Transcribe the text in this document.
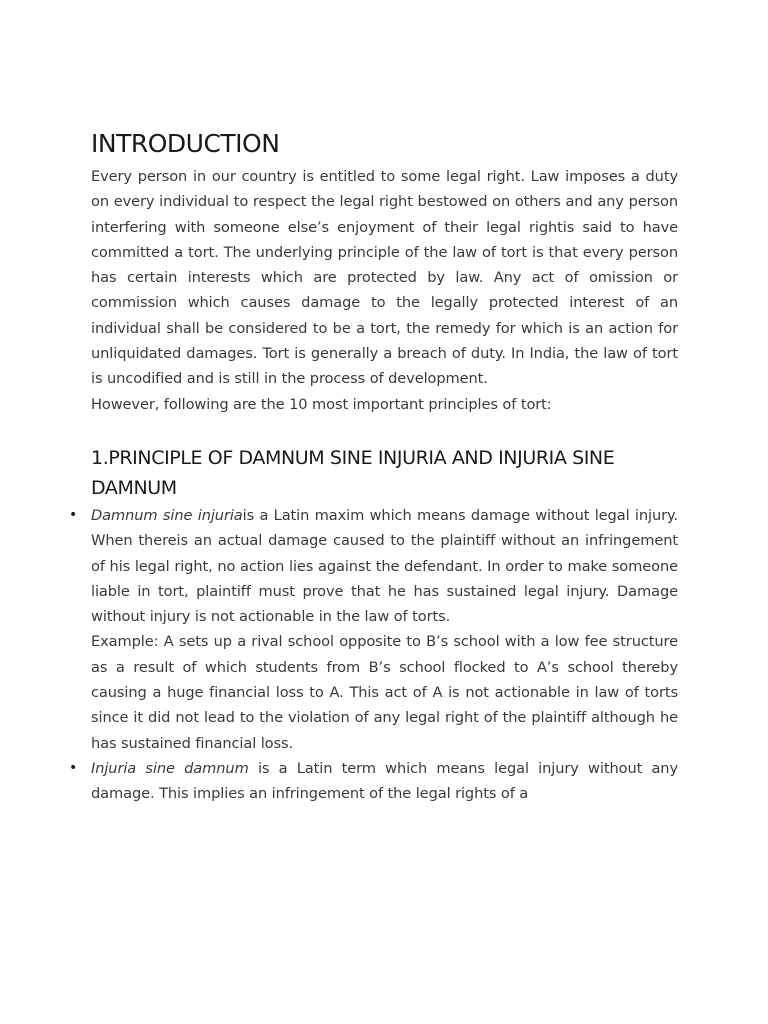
INTRODUCTION

Every person in our country is entitled to some legal right. Law imposes a duty on every individual to respect the legal right bestowed on others and any person interfering with someone else’s enjoyment of their legal rightis said to have committed a tort. The underlying principle of the law of tort is that every person has certain interests which are protected by law. Any act of omission or commission which causes damage to the legally protected interest of an individual shall be considered to be a tort, the remedy for which is an action for unliquidated damages. Tort is generally a breach of duty. In India, the law of tort is uncodified and is still in the process of development.

However, following are the 10 most important principles of tort:

1.PRINCIPLE OF DAMNUM SINE INJURIA AND INJURIA SINE DAMNUM

• Damnum sine injuriais a Latin maxim which means damage without legal injury. When thereis an actual damage caused to the plaintiff without an infringement of his legal right, no action lies against the defendant. In order to make someone liable in tort, plaintiff must prove that he has sustained legal injury. Damage without injury is not actionable in the law of torts.

Example: A sets up a rival school opposite to B’s school with a low fee structure as a result of which students from B’s school flocked to A’s school thereby causing a huge financial loss to A. This act of A is not actionable in law of torts since it did not lead to the violation of any legal right of the plaintiff although he has sustained financial loss.

• Injuria sine damnum is a Latin term which means legal injury without any damage. This implies an infringement of the legal rights of a
